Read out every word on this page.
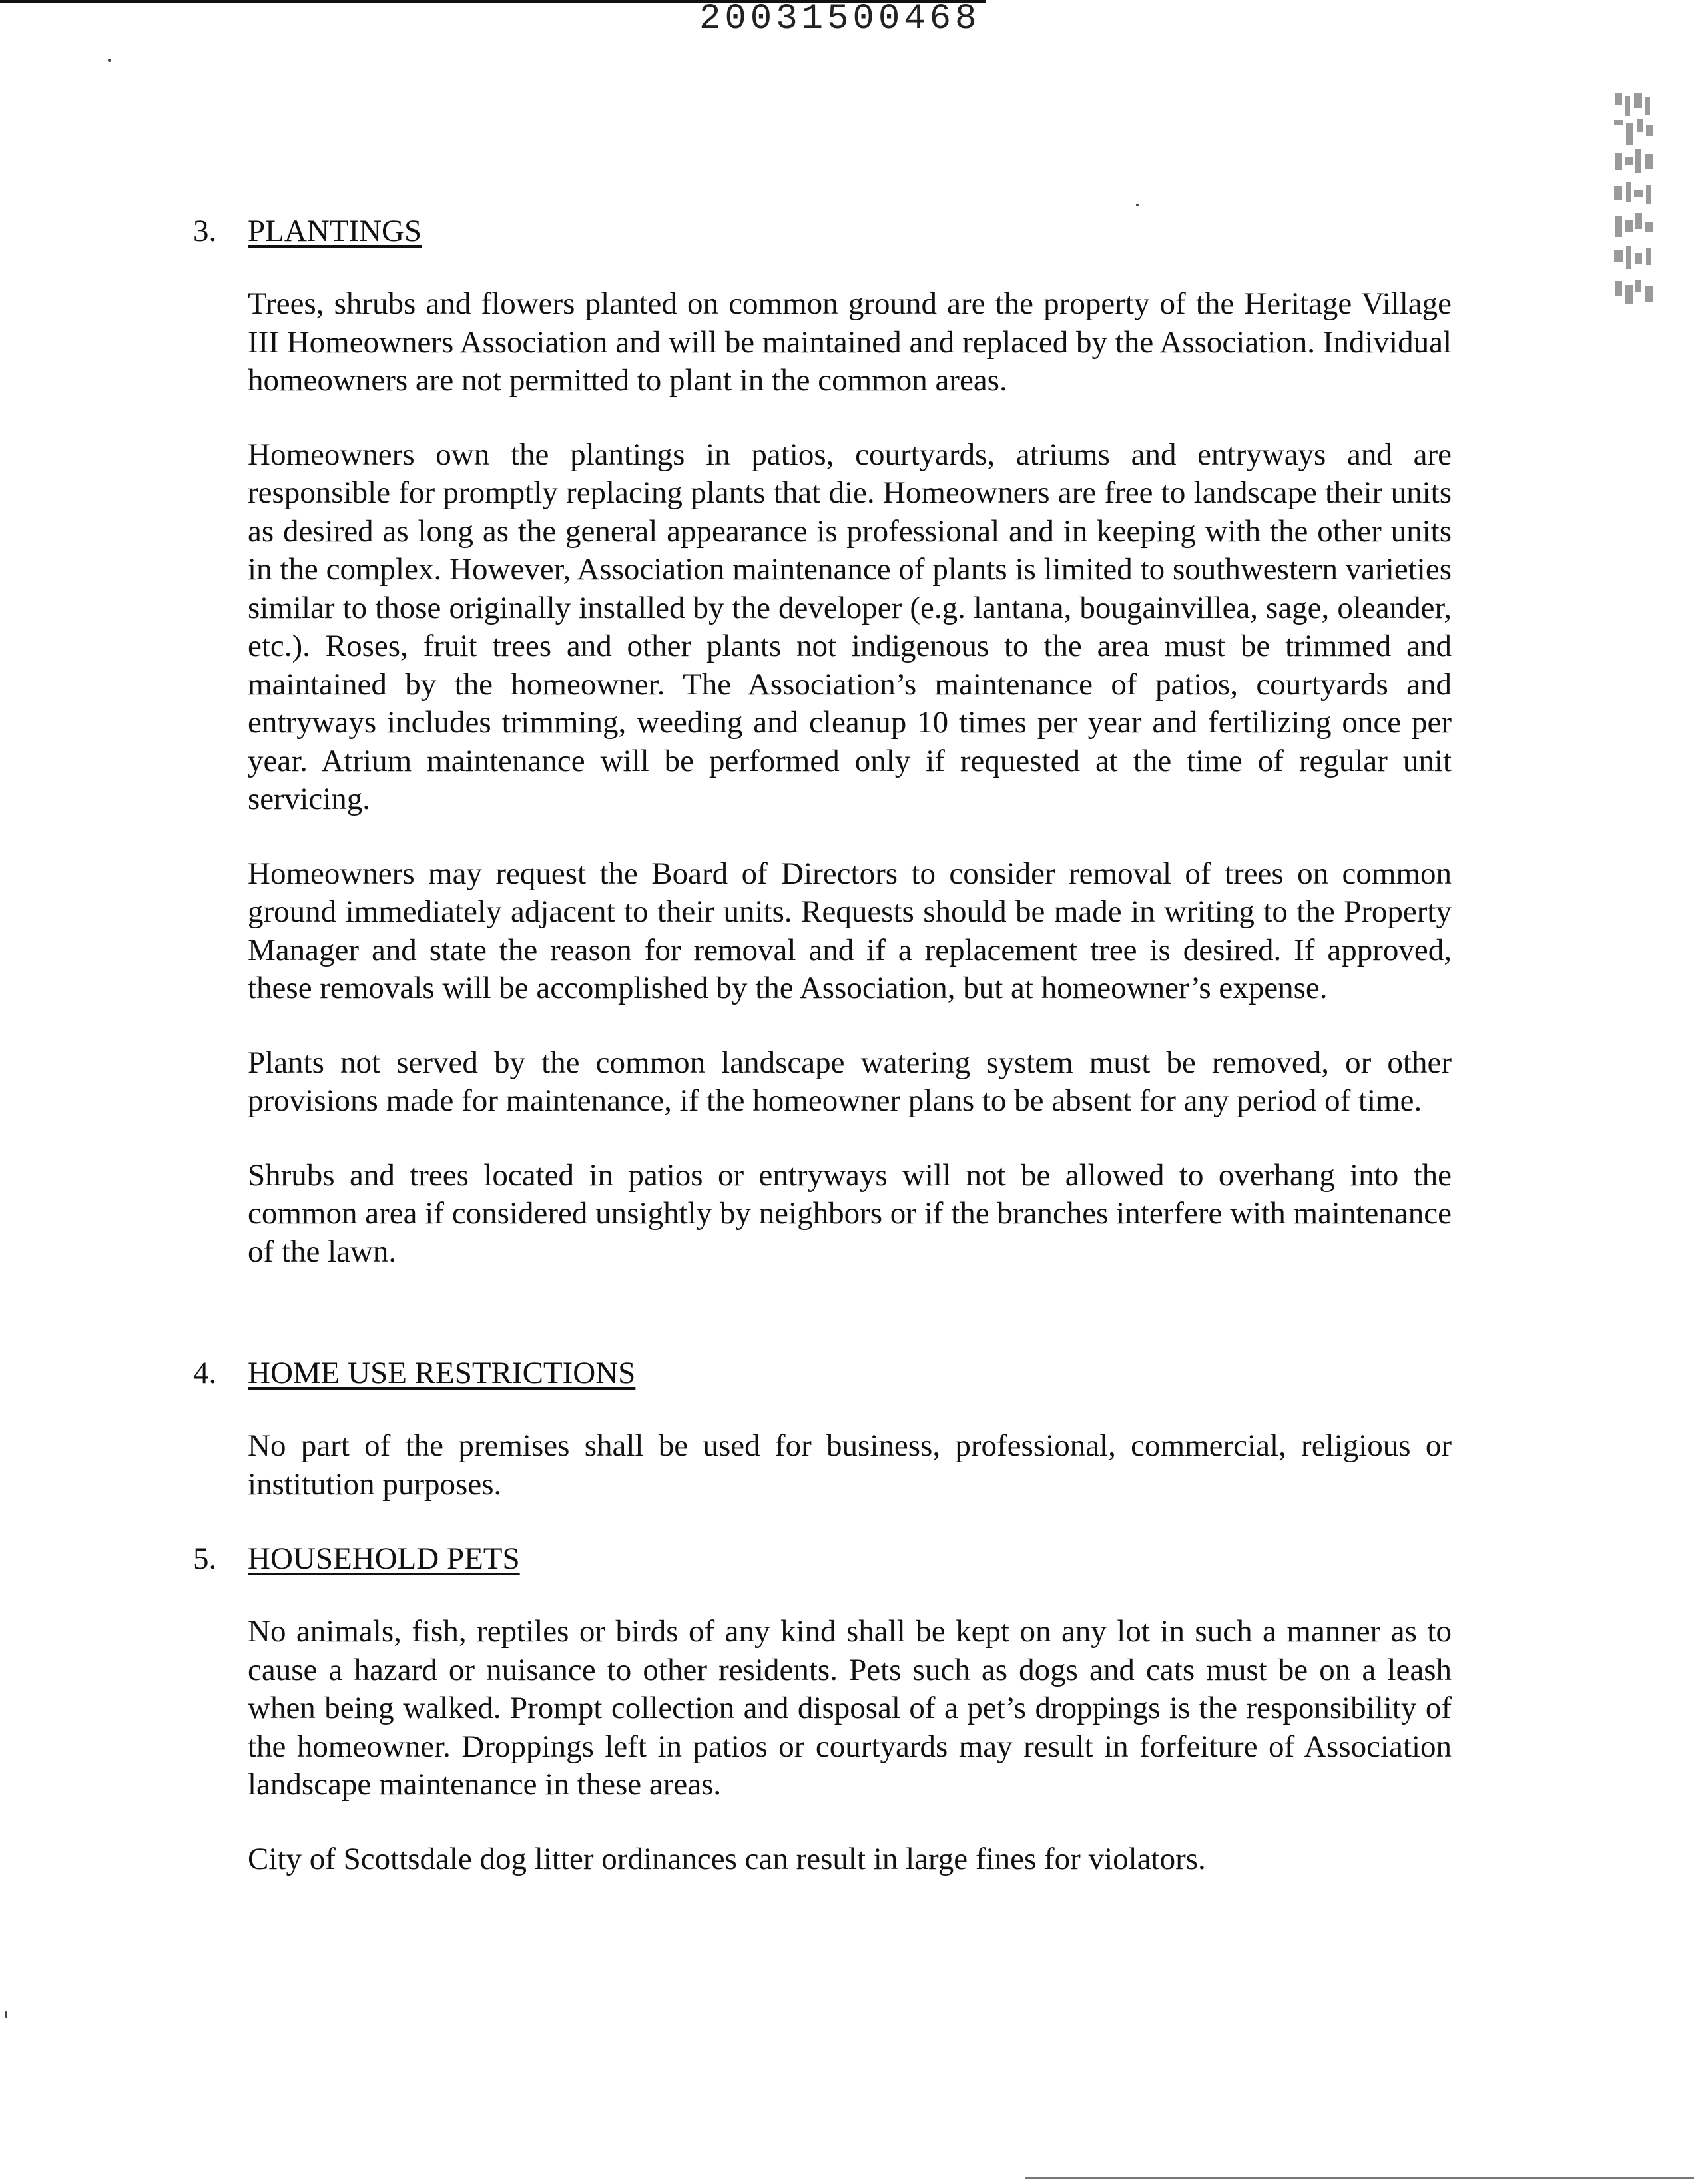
20031500468
3. PLANTINGS

Trees, shrubs and flowers planted on common ground are the property of the Heritage Village III Homeowners Association and will be maintained and replaced by the Association. Individual homeowners are not permitted to plant in the common areas.

Homeowners own the plantings in patios, courtyards, atriums and entryways and are responsible for promptly replacing plants that die. Homeowners are free to landscape their units as desired as long as the general appearance is professional and in keeping with the other units in the complex. However, Association maintenance of plants is limited to southwestern varieties similar to those originally installed by the developer (e.g. lantana, bougainvillea, sage, oleander, etc.). Roses, fruit trees and other plants not indigenous to the area must be trimmed and maintained by the homeowner. The Association’s maintenance of patios, courtyards and entryways includes trimming, weeding and cleanup 10 times per year and fertilizing once per year. Atrium maintenance will be performed only if requested at the time of regular unit servicing.

Homeowners may request the Board of Directors to consider removal of trees on common ground immediately adjacent to their units. Requests should be made in writing to the Property Manager and state the reason for removal and if a replacement tree is desired. If approved, these removals will be accomplished by the Association, but at homeowner’s expense.

Plants not served by the common landscape watering system must be removed, or other provisions made for maintenance, if the homeowner plans to be absent for any period of time.

Shrubs and trees located in patios or entryways will not be allowed to overhang into the common area if considered unsightly by neighbors or if the branches interfere with maintenance of the lawn.

4. HOME USE RESTRICTIONS

No part of the premises shall be used for business, professional, commercial, religious or institution purposes.

5. HOUSEHOLD PETS

No animals, fish, reptiles or birds of any kind shall be kept on any lot in such a manner as to cause a hazard or nuisance to other residents. Pets such as dogs and cats must be on a leash when being walked. Prompt collection and disposal of a pet’s droppings is the responsibility of the homeowner. Droppings left in patios or courtyards may result in forfeiture of Association landscape maintenance in these areas.

City of Scottsdale dog litter ordinances can result in large fines for violators.
